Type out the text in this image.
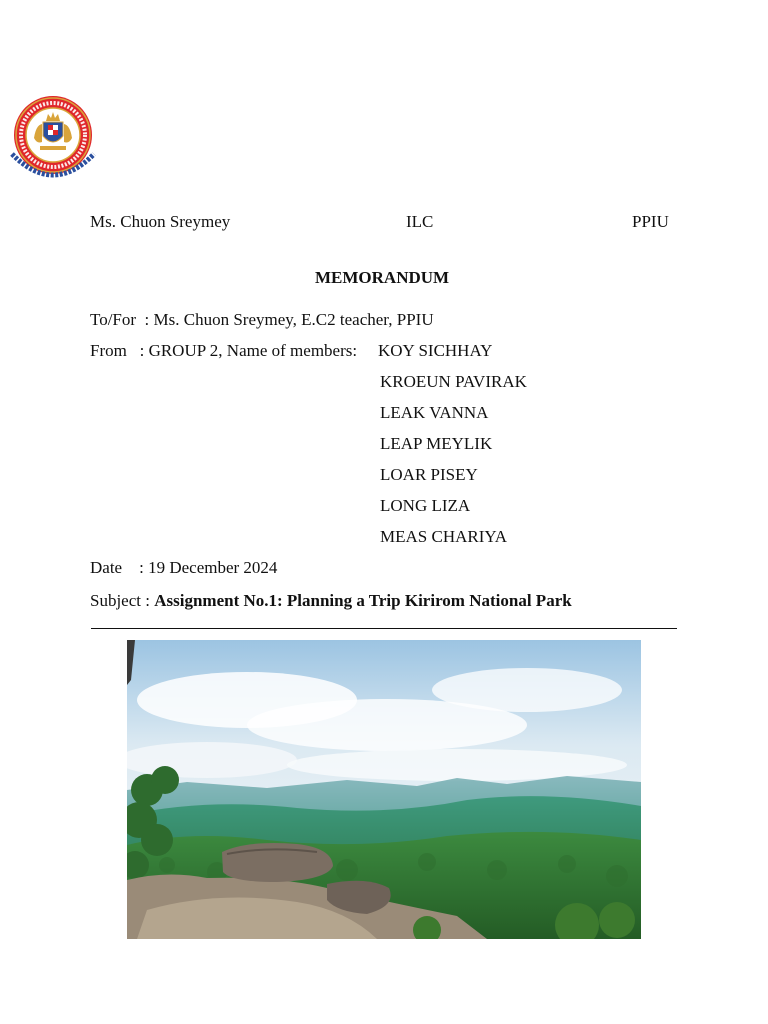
Ms. Chuon Sreymey	ILC	PPIU
MEMORANDUM
To/For  : Ms. Chuon Sreymey, E.C2 teacher, PPIU
From   : GROUP 2, Name of members: KOY SICHHAY
KROEUN PAVIRAK
LEAK VANNA
LEAP MEYLIK
LOAR PISEY
LONG LIZA
MEAS CHARIYA
Date    : 19 December 2024
Subject : Assignment No.1: Planning a Trip Kirirom National Park
